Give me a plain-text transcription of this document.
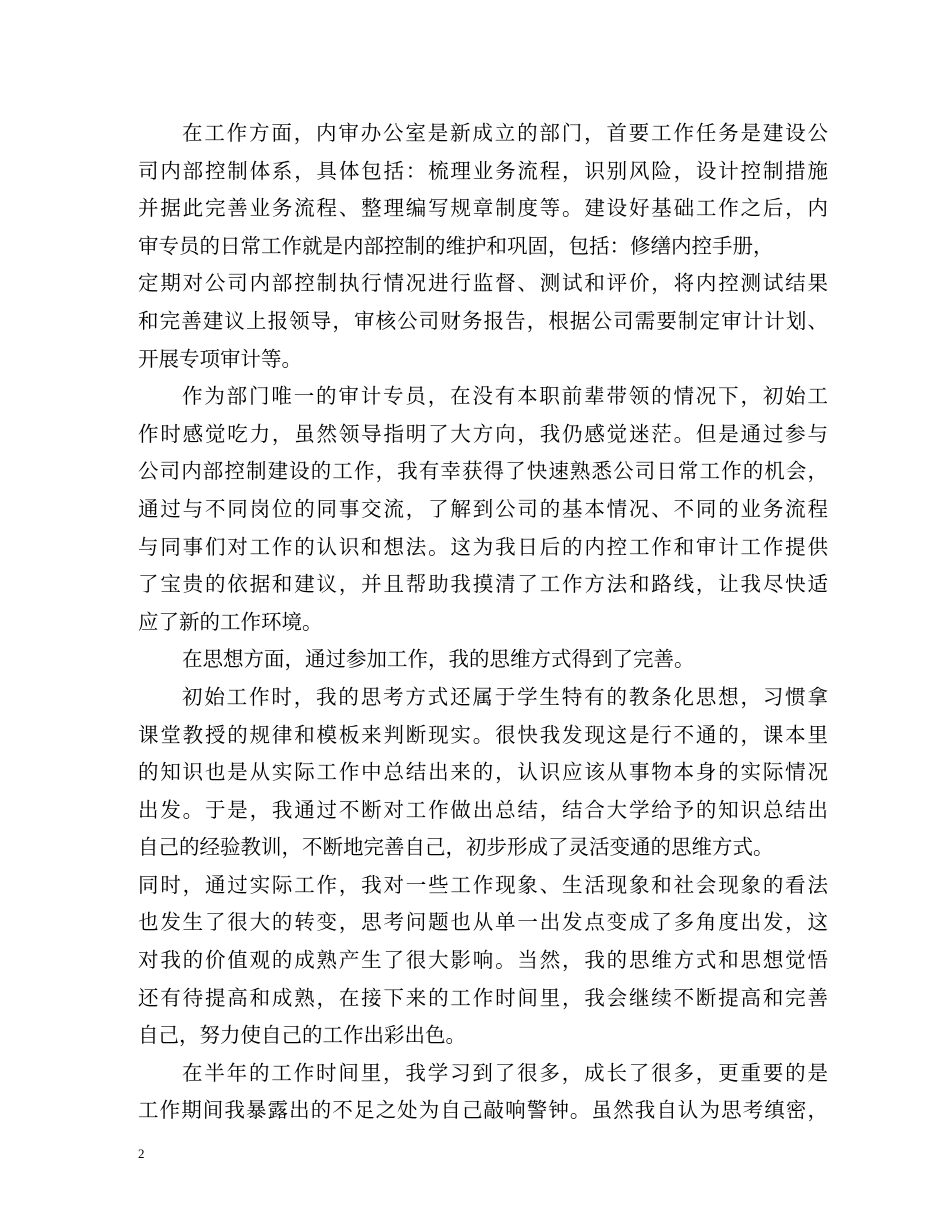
在工作方面，内审办公室是新成立的部门，首要工作任务是建设公
司内部控制体系，具体包括：梳理业务流程，识别风险，设计控制措施
并据此完善业务流程、整理编写规章制度等。建设好基础工作之后，内
审专员的日常工作就是内部控制的维护和巩固，包括：修缮内控手册，
定期对公司内部控制执行情况进行监督、测试和评价，将内控测试结果
和完善建议上报领导，审核公司财务报告，根据公司需要制定审计计划、
开展专项审计等。
作为部门唯一的审计专员，在没有本职前辈带领的情况下，初始工
作时感觉吃力，虽然领导指明了大方向，我仍感觉迷茫。但是通过参与
公司内部控制建设的工作，我有幸获得了快速熟悉公司日常工作的机会，
通过与不同岗位的同事交流，了解到公司的基本情况、不同的业务流程
与同事们对工作的认识和想法。这为我日后的内控工作和审计工作提供
了宝贵的依据和建议，并且帮助我摸清了工作方法和路线，让我尽快适
应了新的工作环境。
在思想方面，通过参加工作，我的思维方式得到了完善。
初始工作时，我的思考方式还属于学生特有的教条化思想，习惯拿
课堂教授的规律和模板来判断现实。很快我发现这是行不通的，课本里
的知识也是从实际工作中总结出来的，认识应该从事物本身的实际情况
出发。于是，我通过不断对工作做出总结，结合大学给予的知识总结出
自己的经验教训，不断地完善自己，初步形成了灵活变通的思维方式。
同时，通过实际工作，我对一些工作现象、生活现象和社会现象的看法
也发生了很大的转变，思考问题也从单一出发点变成了多角度出发，这
对我的价值观的成熟产生了很大影响。当然，我的思维方式和思想觉悟
还有待提高和成熟，在接下来的工作时间里，我会继续不断提高和完善
自己，努力使自己的工作出彩出色。
在半年的工作时间里，我学习到了很多，成长了很多，更重要的是
工作期间我暴露出的不足之处为自己敲响警钟。虽然我自认为思考缜密，
2
